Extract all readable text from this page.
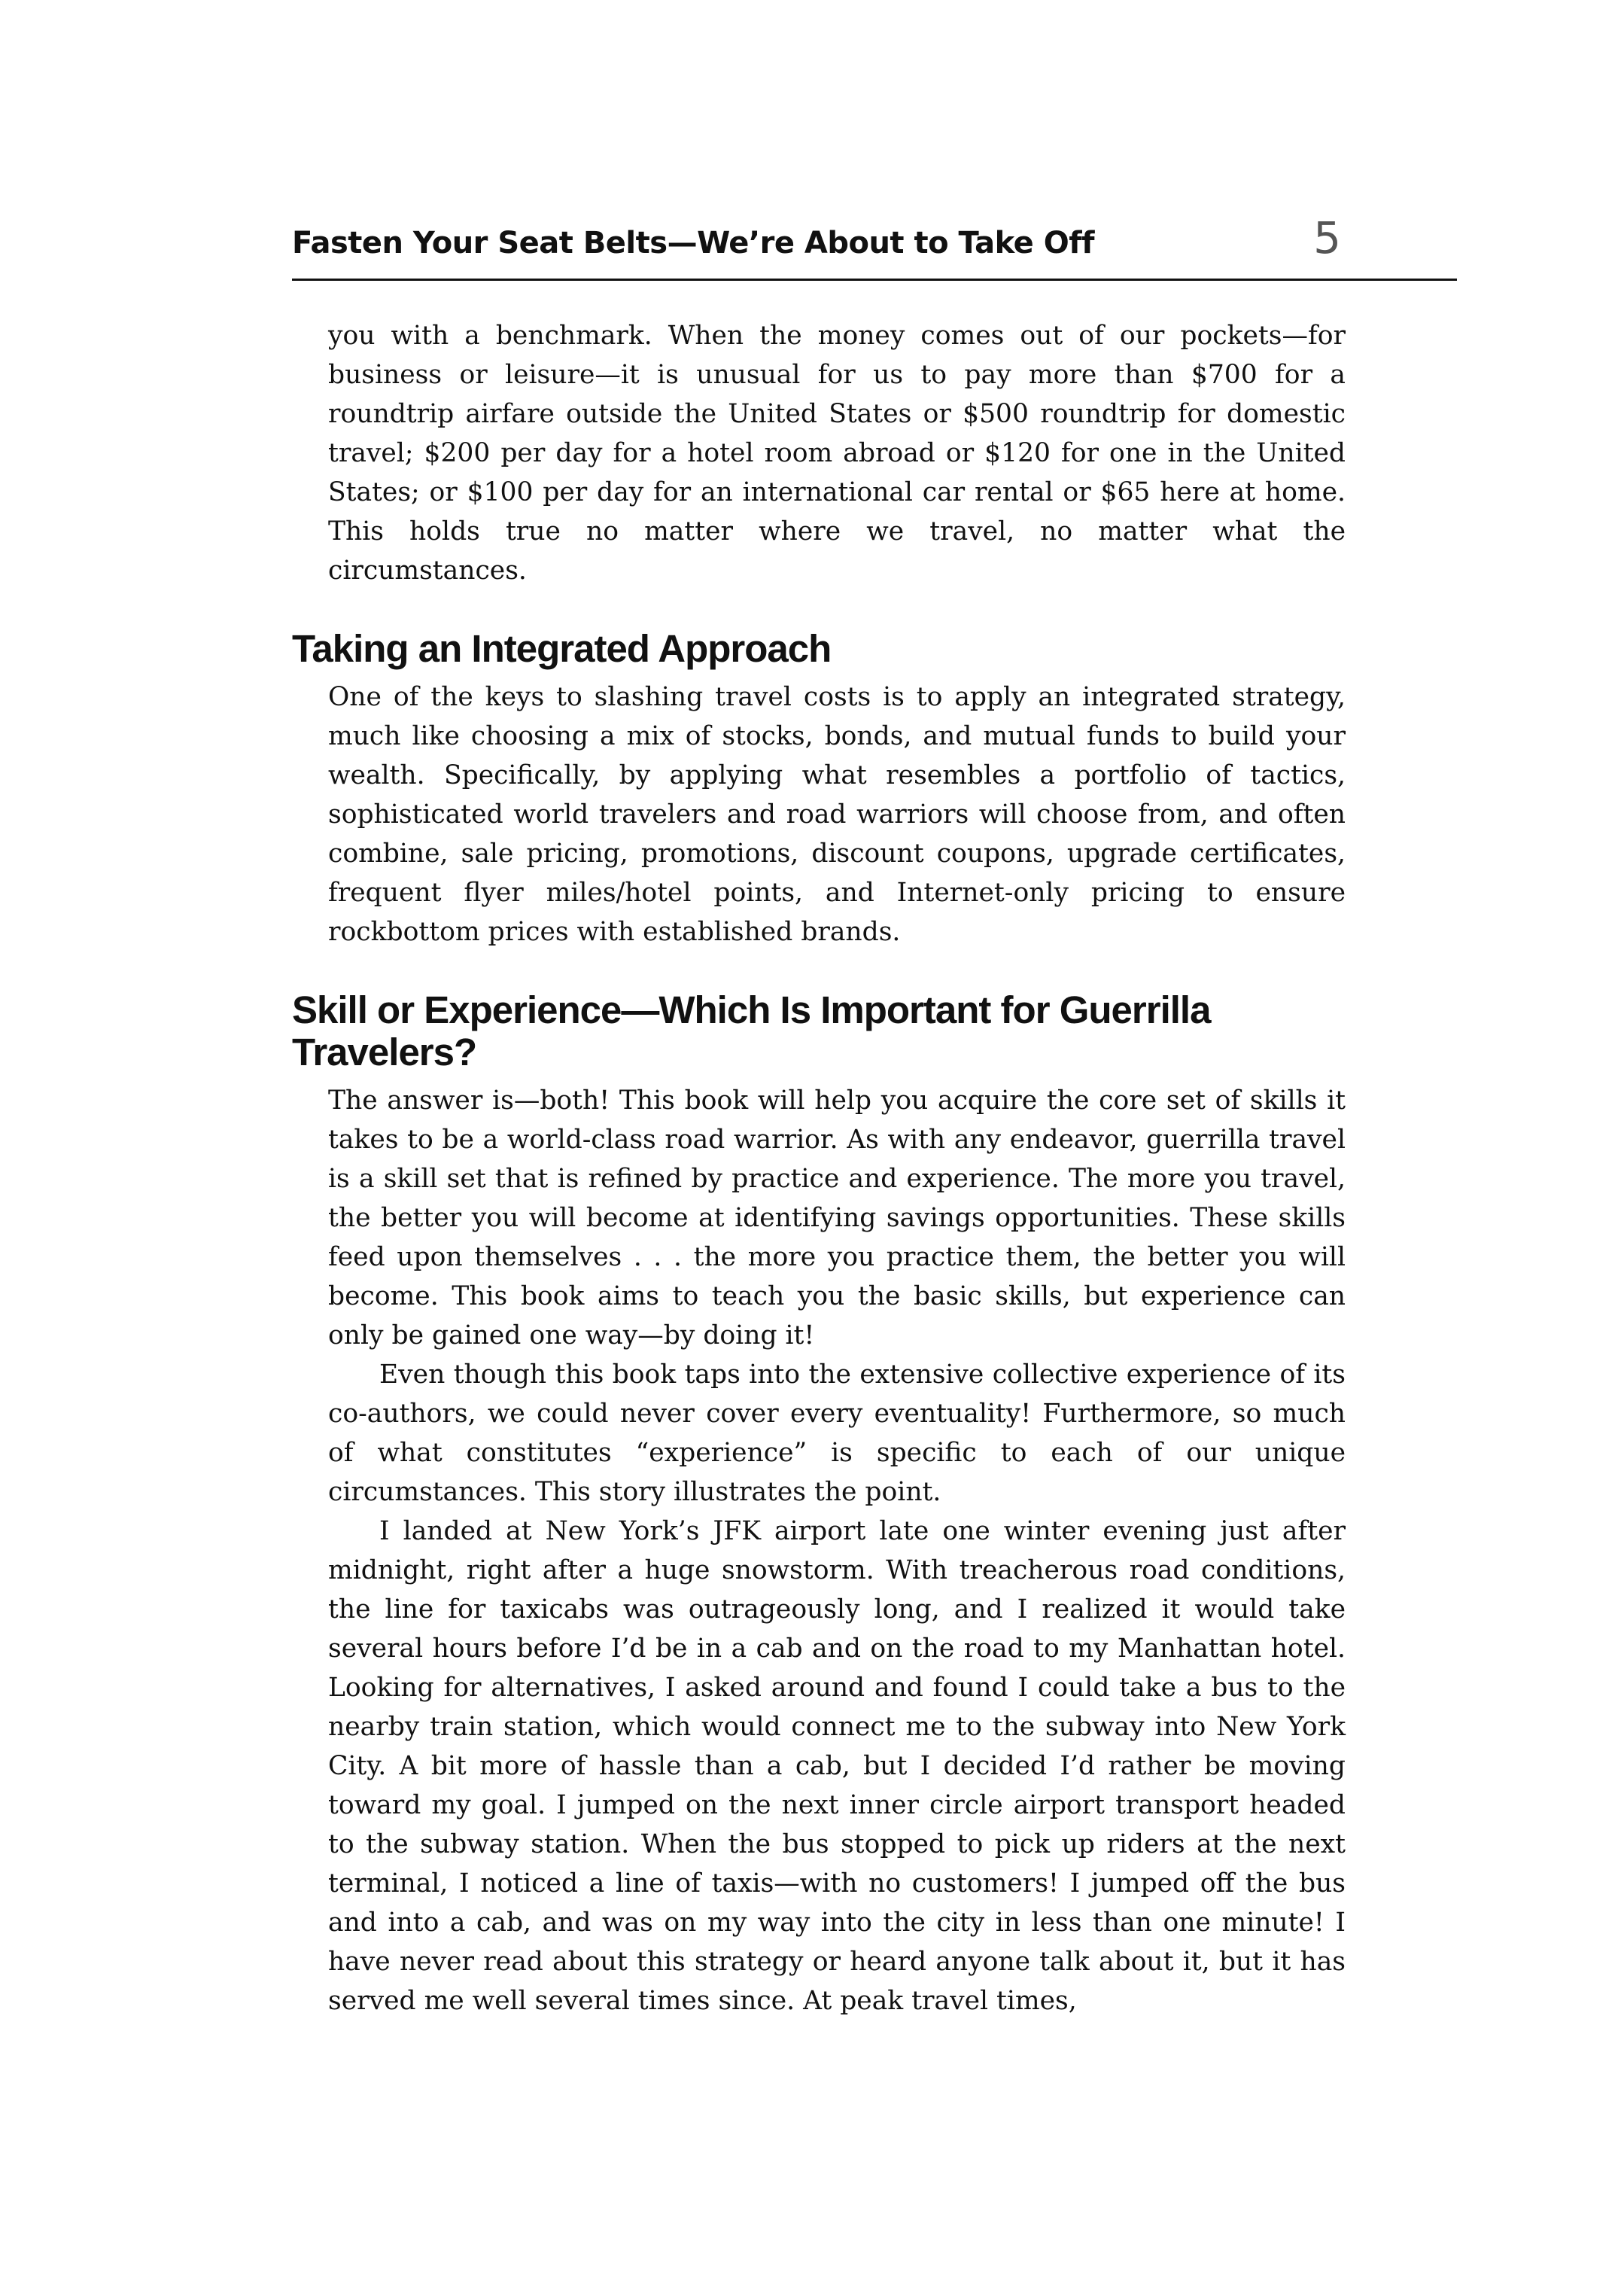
Fasten Your Seat Belts—We’re About to Take Off	5

you with a benchmark. When the money comes out of our pockets—for business or leisure—it is unusual for us to pay more than $700 for a roundtrip airfare outside the United States or $500 roundtrip for domestic travel; $200 per day for a hotel room abroad or $120 for one in the United States; or $100 per day for an international car rental or $65 here at home. This holds true no matter where we travel, no matter what the circumstances.

Taking an Integrated Approach

One of the keys to slashing travel costs is to apply an integrated strategy, much like choosing a mix of stocks, bonds, and mutual funds to build your wealth. Specifically, by applying what resembles a portfolio of tactics, sophisticated world travelers and road warriors will choose from, and often combine, sale pricing, promotions, discount coupons, upgrade certificates, frequent flyer miles/hotel points, and Internet-only pricing to ensure rockbottom prices with established brands.

Skill or Experience—Which Is Important for Guerrilla Travelers?

The answer is—both! This book will help you acquire the core set of skills it takes to be a world-class road warrior. As with any endeavor, guerrilla travel is a skill set that is refined by practice and experience. The more you travel, the better you will become at identifying savings opportunities. These skills feed upon themselves . . . the more you practice them, the better you will become. This book aims to teach you the basic skills, but experience can only be gained one way—by doing it!

Even though this book taps into the extensive collective experience of its co-authors, we could never cover every eventuality! Furthermore, so much of what constitutes “experience” is specific to each of our unique circumstances. This story illustrates the point.

I landed at New York’s JFK airport late one winter evening just after midnight, right after a huge snowstorm. With treacherous road conditions, the line for taxicabs was outrageously long, and I realized it would take several hours before I’d be in a cab and on the road to my Manhattan hotel. Looking for alternatives, I asked around and found I could take a bus to the nearby train station, which would connect me to the subway into New York City. A bit more of hassle than a cab, but I decided I’d rather be moving toward my goal. I jumped on the next inner circle airport transport headed to the subway station. When the bus stopped to pick up riders at the next terminal, I noticed a line of taxis—with no customers! I jumped off the bus and into a cab, and was on my way into the city in less than one minute! I have never read about this strategy or heard anyone talk about it, but it has served me well several times since. At peak travel times,
